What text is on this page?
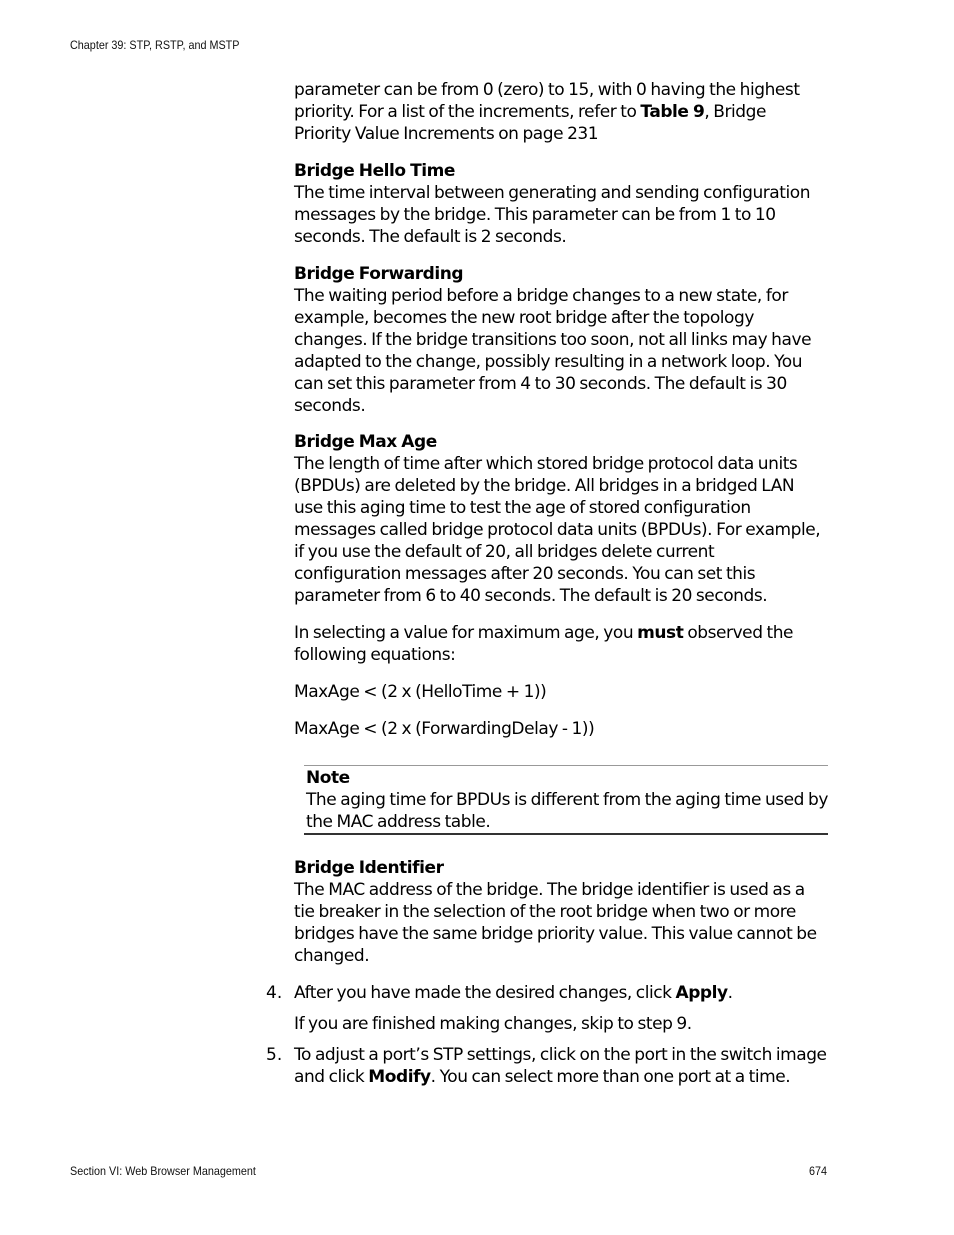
Chapter 39: STP, RSTP, and MSTP

parameter can be from 0 (zero) to 15, with 0 having the highest

priority. For a list of the increments, refer to Table 9, Bridge

Priority Value Increments on page 231

Bridge Hello Time

The time interval between generating and sending configuration

messages by the bridge. This parameter can be from 1 to 10

seconds. The default is 2 seconds.

Bridge Forwarding

The waiting period before a bridge changes to a new state, for

example, becomes the new root bridge after the topology

changes. If the bridge transitions too soon, not all links may have

adapted to the change, possibly resulting in a network loop. You

can set this parameter from 4 to 30 seconds. The default is 30

seconds.

Bridge Max Age

The length of time after which stored bridge protocol data units

(BPDUs) are deleted by the bridge. All bridges in a bridged LAN

use this aging time to test the age of stored configuration

messages called bridge protocol data units (BPDUs). For example,

if you use the default of 20, all bridges delete current

configuration messages after 20 seconds. You can set this

parameter from 6 to 40 seconds. The default is 20 seconds.

In selecting a value for maximum age, you must observed the

following equations:

MaxAge < (2 x (HelloTime + 1))
MaxAge < (2 x (ForwardingDelay - 1))

Note

The aging time for BPDUs is different from the aging time used by

the MAC address table.

Bridge Identifier

The MAC address of the bridge. The bridge identifier is used as a

tie breaker in the selection of the root bridge when two or more

bridges have the same bridge priority value. This value cannot be

changed.

4. After you have made the desired changes, click Apply.

If you are finished making changes, skip to step 9.
5. To adjust a port’s STP settings, click on the port in the switch image

and click Modify. You can select more than one port at a time.

Section VI: Web Browser Management	674
